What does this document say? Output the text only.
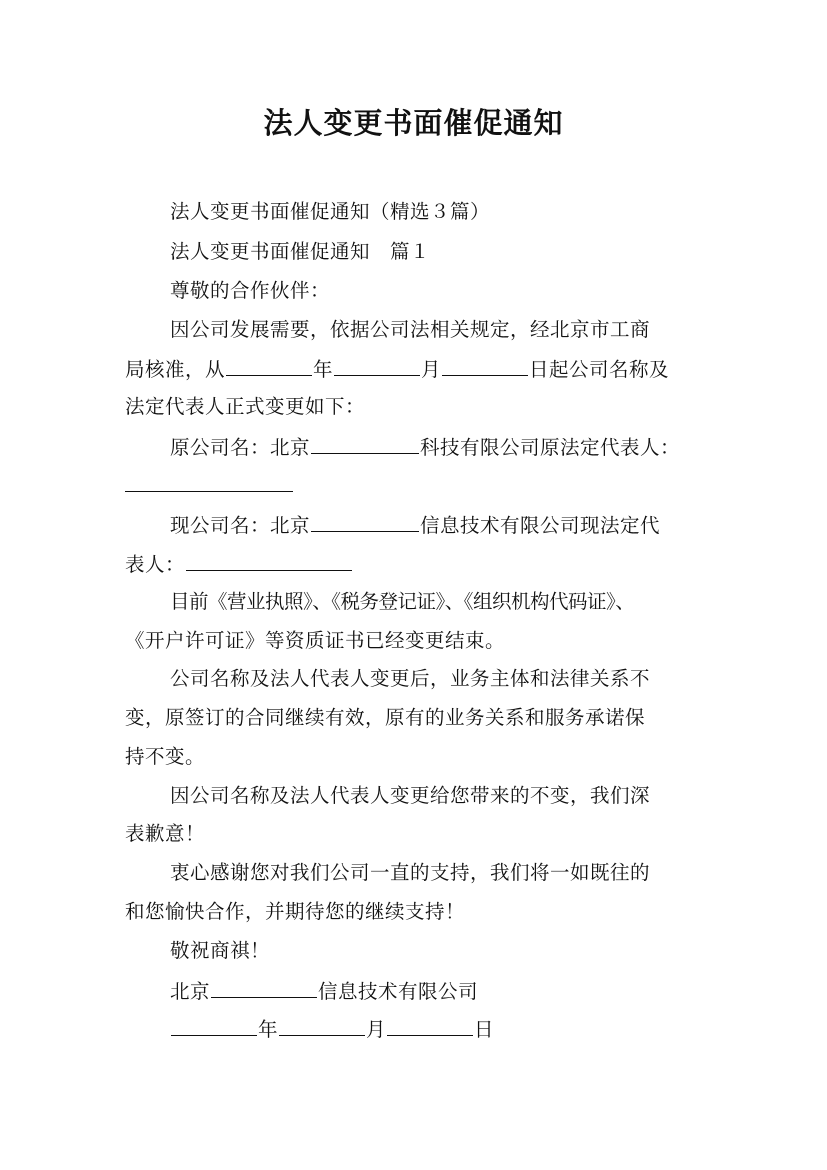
法人变更书面催促通知
法人变更书面催促通知（精选３篇）
法人变更书面催促通知　篇１
尊敬的合作伙伴：
因公司发展需要，依据公司法相关规定，经北京市工商
局核准，从	年	月	日起公司名称及
法定代表人正式变更如下：
原公司名：北京	科技有限公司原法定代表人：
现公司名：北京	信息技术有限公司现法定代
表人：
目前《营业执照》、《税务登记证》、《组织机构代码证》、
《开户许可证》等资质证书已经变更结束。
公司名称及法人代表人变更后，业务主体和法律关系不
变，原签订的合同继续有效，原有的业务关系和服务承诺保
持不变。
因公司名称及法人代表人变更给您带来的不变，我们深
表歉意！
衷心感谢您对我们公司一直的支持，我们将一如既往的
和您愉快合作，并期待您的继续支持！
敬祝商祺！
北京	信息技术有限公司
年	月	日
